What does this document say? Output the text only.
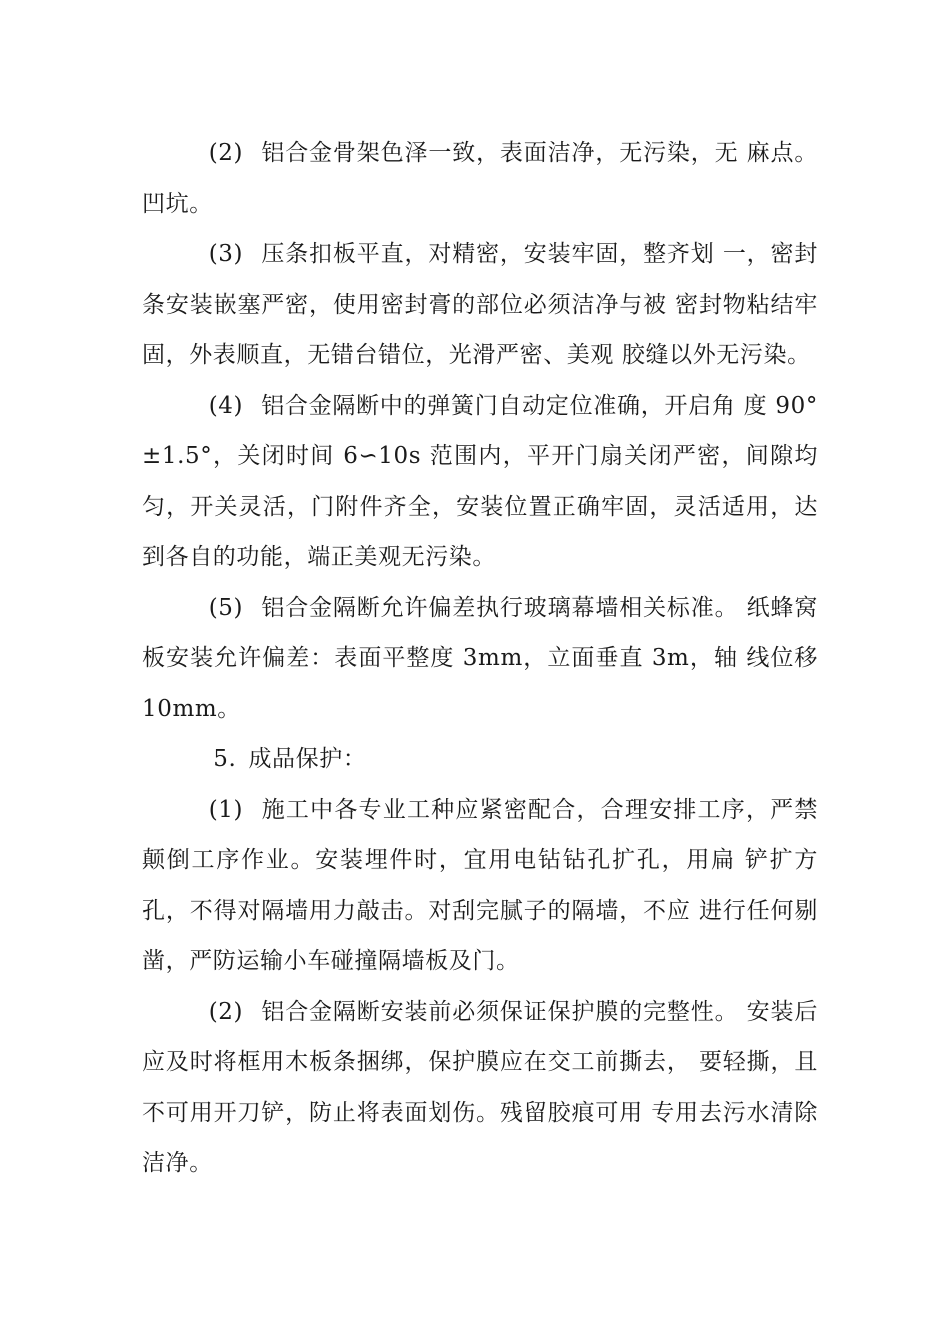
(2) 铝合金骨架色泽一致，表面洁净，无污染，无 麻点。凹坑。

(3) 压条扣板平直，对精密，安装牢固，整齐划 一，密封条安装嵌塞严密，使用密封膏的部位必须洁净与被 密封物粘结牢固，外表顺直，无错台错位，光滑严密、美观 胶缝以外无污染。

(4) 铝合金隔断中的弹簧门自动定位准确，开启角 度 90° ±1.5°，关闭时间 6∽10s 范围内，平开门扇关闭严密，间隙均匀，开关灵活，门附件齐全，安装位置正确牢固，灵活适用，达到各自的功能，端正美观无污染。

(5) 铝合金隔断允许偏差执行玻璃幕墙相关标准。 纸蜂窝板安装允许偏差：表面平整度 3mm，立面垂直 3m，轴 线位移 10mm。

5. 成品保护：

(1) 施工中各专业工种应紧密配合，合理安排工序，严禁颠倒工序作业。安装埋件时，宜用电钻钻孔扩孔，用扁 铲扩方孔，不得对隔墙用力敲击。对刮完腻子的隔墙，不应 进行任何剔凿，严防运输小车碰撞隔墙板及门。

(2) 铝合金隔断安装前必须保证保护膜的完整性。 安装后应及时将框用木板条捆绑，保护膜应在交工前撕去， 要轻撕，且不可用开刀铲，防止将表面划伤。残留胶痕可用 专用去污水清除洁净。
